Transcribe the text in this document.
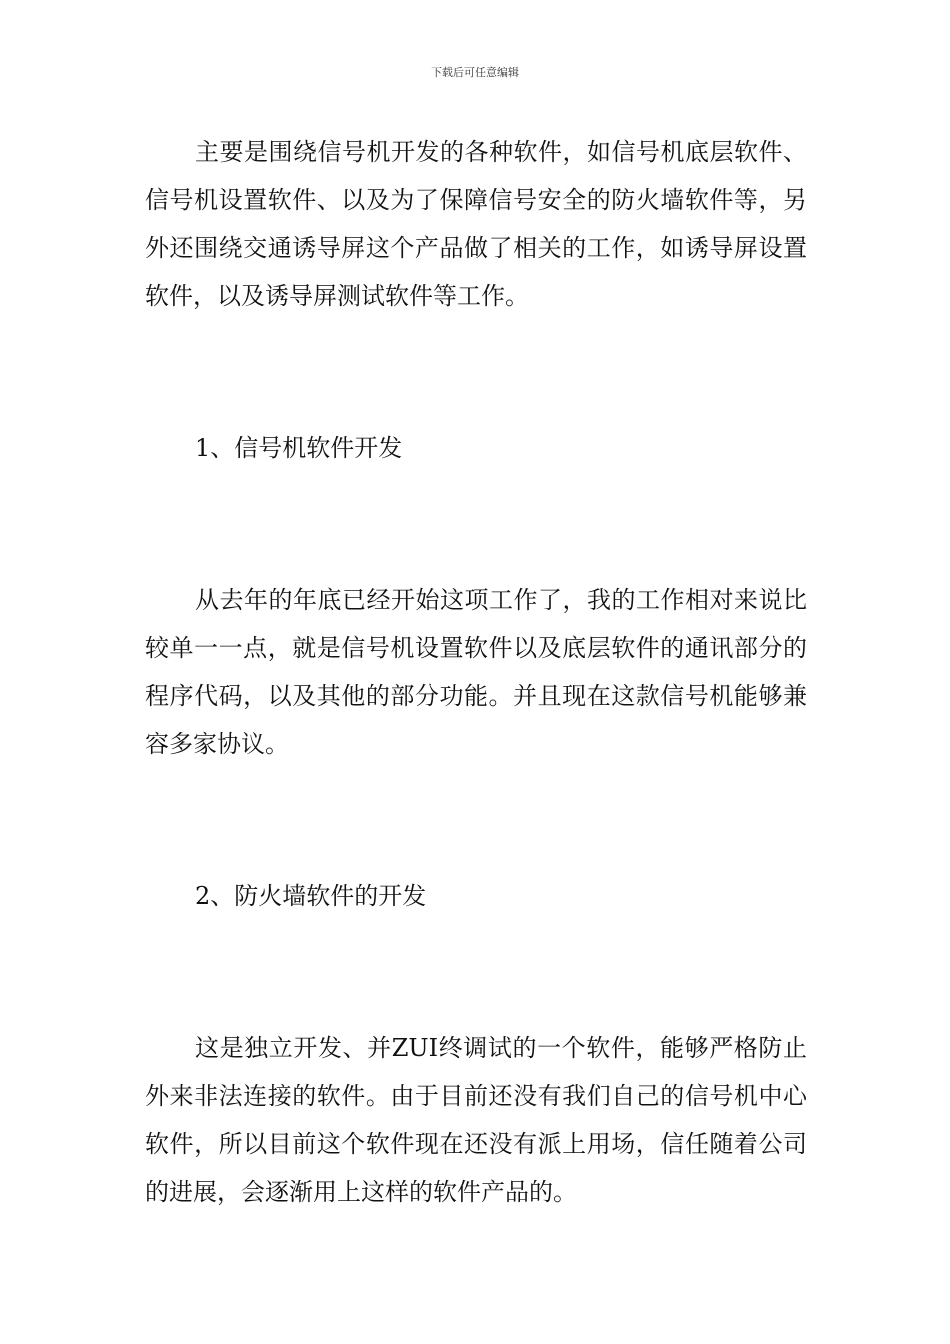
下载后可任意编辑

主要是围绕信号机开发的各种软件，如信号机底层软件、信号机设置软件、以及为了保障信号安全的防火墙软件等，另外还围绕交通诱导屏这个产品做了相关的工作，如诱导屏设置软件，以及诱导屏测试软件等工作。

1、信号机软件开发

从去年的年底已经开始这项工作了，我的工作相对来说比较单一一点，就是信号机设置软件以及底层软件的通讯部分的程序代码，以及其他的部分功能。并且现在这款信号机能够兼容多家协议。

2、防火墙软件的开发

这是独立开发、并ZUI终调试的一个软件，能够严格防止外来非法连接的软件。由于目前还没有我们自己的信号机中心软件，所以目前这个软件现在还没有派上用场，信任随着公司的进展，会逐渐用上这样的软件产品的。
